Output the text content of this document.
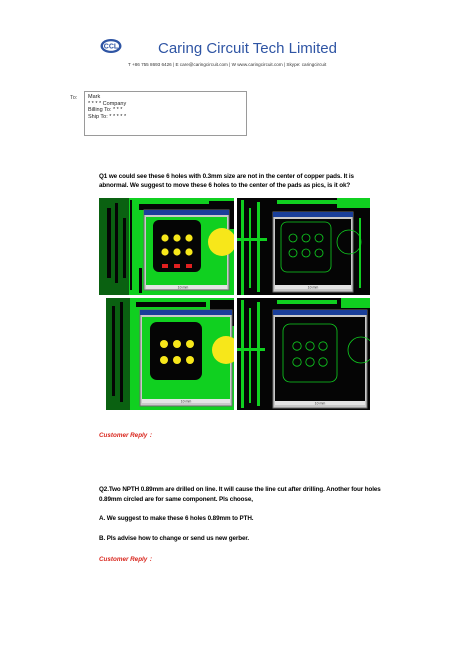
CCL	Caring Circuit Tech Limited
T +86 755 8693 6426 | E care@caringcircuit.com | W www.caringcircuit.com | Skype: caringcircuit
To: Mark
* * * * Company
Billing To: * * *
Ship To: * * * * *
Q1 we could see these 6 holes with 0.3mm size are not in the center of copper pads. It is abnormal. We suggest to move these 6 holes to the center of the pads as pics, is it ok?
10 mm	10 mm
10 mm	10 mm
Customer Reply ：
Q2.Two NPTH 0.89mm are drilled on line. It will cause the line cut after drilling. Another four holes 0.89mm circled are for same component. Pls choose,
A. We suggest to make these 6 holes 0.89mm to PTH.
B. Pls advise how to change or send us new gerber.
Customer Reply ：
